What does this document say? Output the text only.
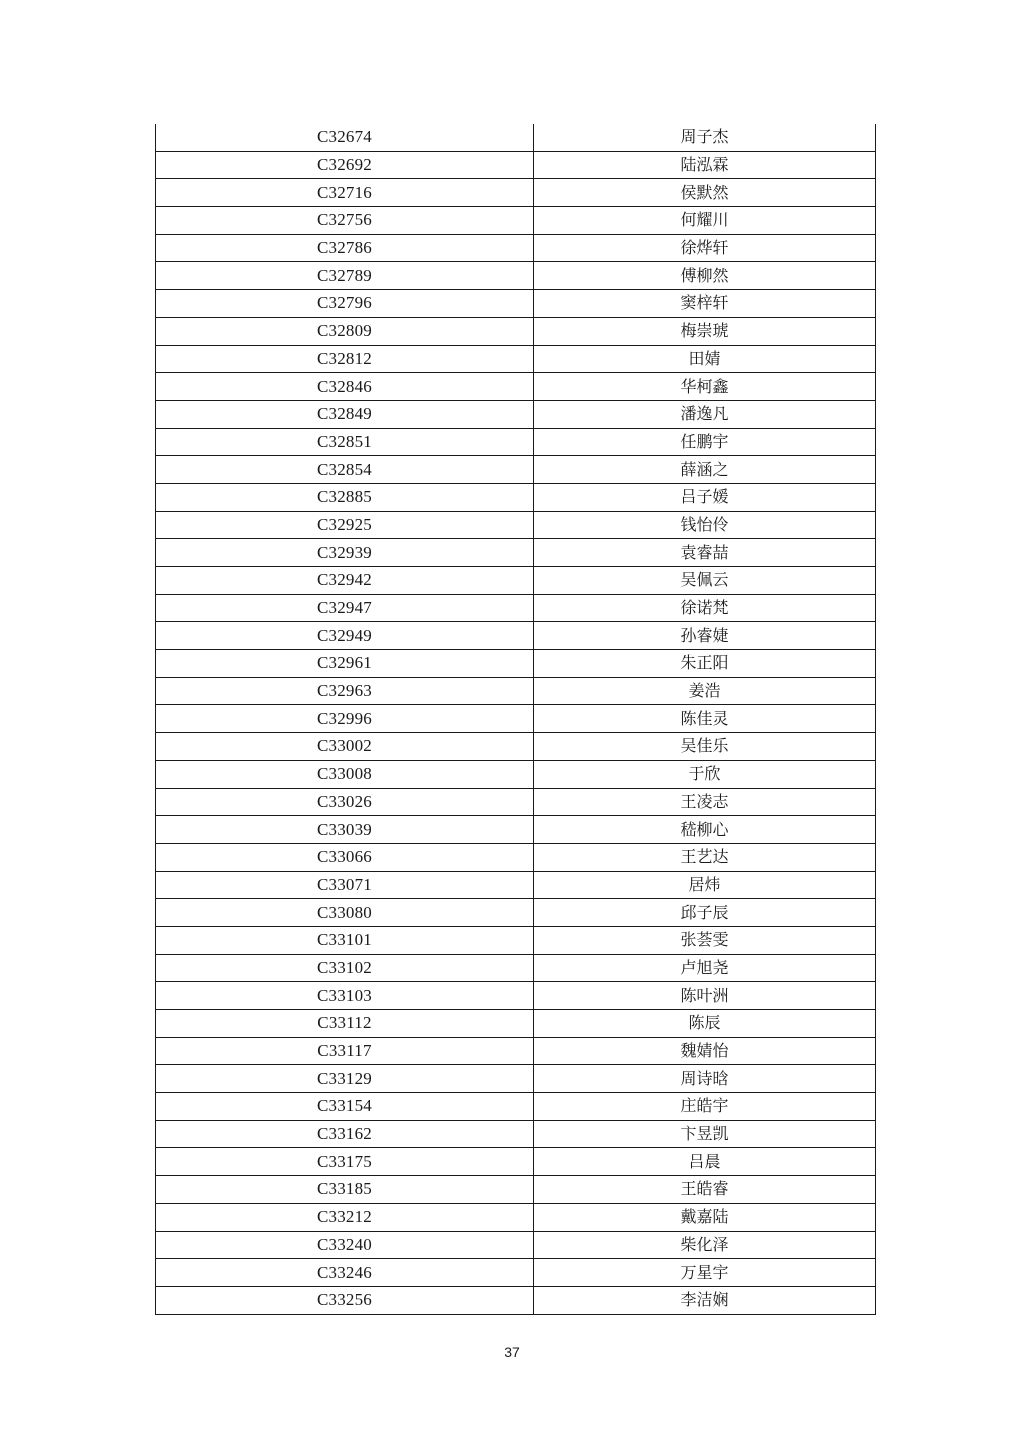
C32674	周子杰
C32692	陆泓霖
C32716	侯默然
C32756	何耀川
C32786	徐烨轩
C32789	傅柳然
C32796	窦梓轩
C32809	梅崇琥
C32812	田婧
C32846	华柯鑫
C32849	潘逸凡
C32851	任鹏宇
C32854	薛涵之
C32885	吕子媛
C32925	钱怡伶
C32939	袁睿喆
C32942	吴佩云
C32947	徐诺梵
C32949	孙睿婕
C32961	朱正阳
C32963	姜浩
C32996	陈佳灵
C33002	吴佳乐
C33008	于欣
C33026	王凌志
C33039	嵇柳心
C33066	王艺达
C33071	居炜
C33080	邱子辰
C33101	张荟雯
C33102	卢旭尧
C33103	陈叶洲
C33112	陈辰
C33117	魏婧怡
C33129	周诗晗
C33154	庄皓宇
C33162	卞昱凯
C33175	吕晨
C33185	王皓睿
C33212	戴嘉陆
C33240	柴化泽
C33246	万星宇
C33256	李洁娴
37
